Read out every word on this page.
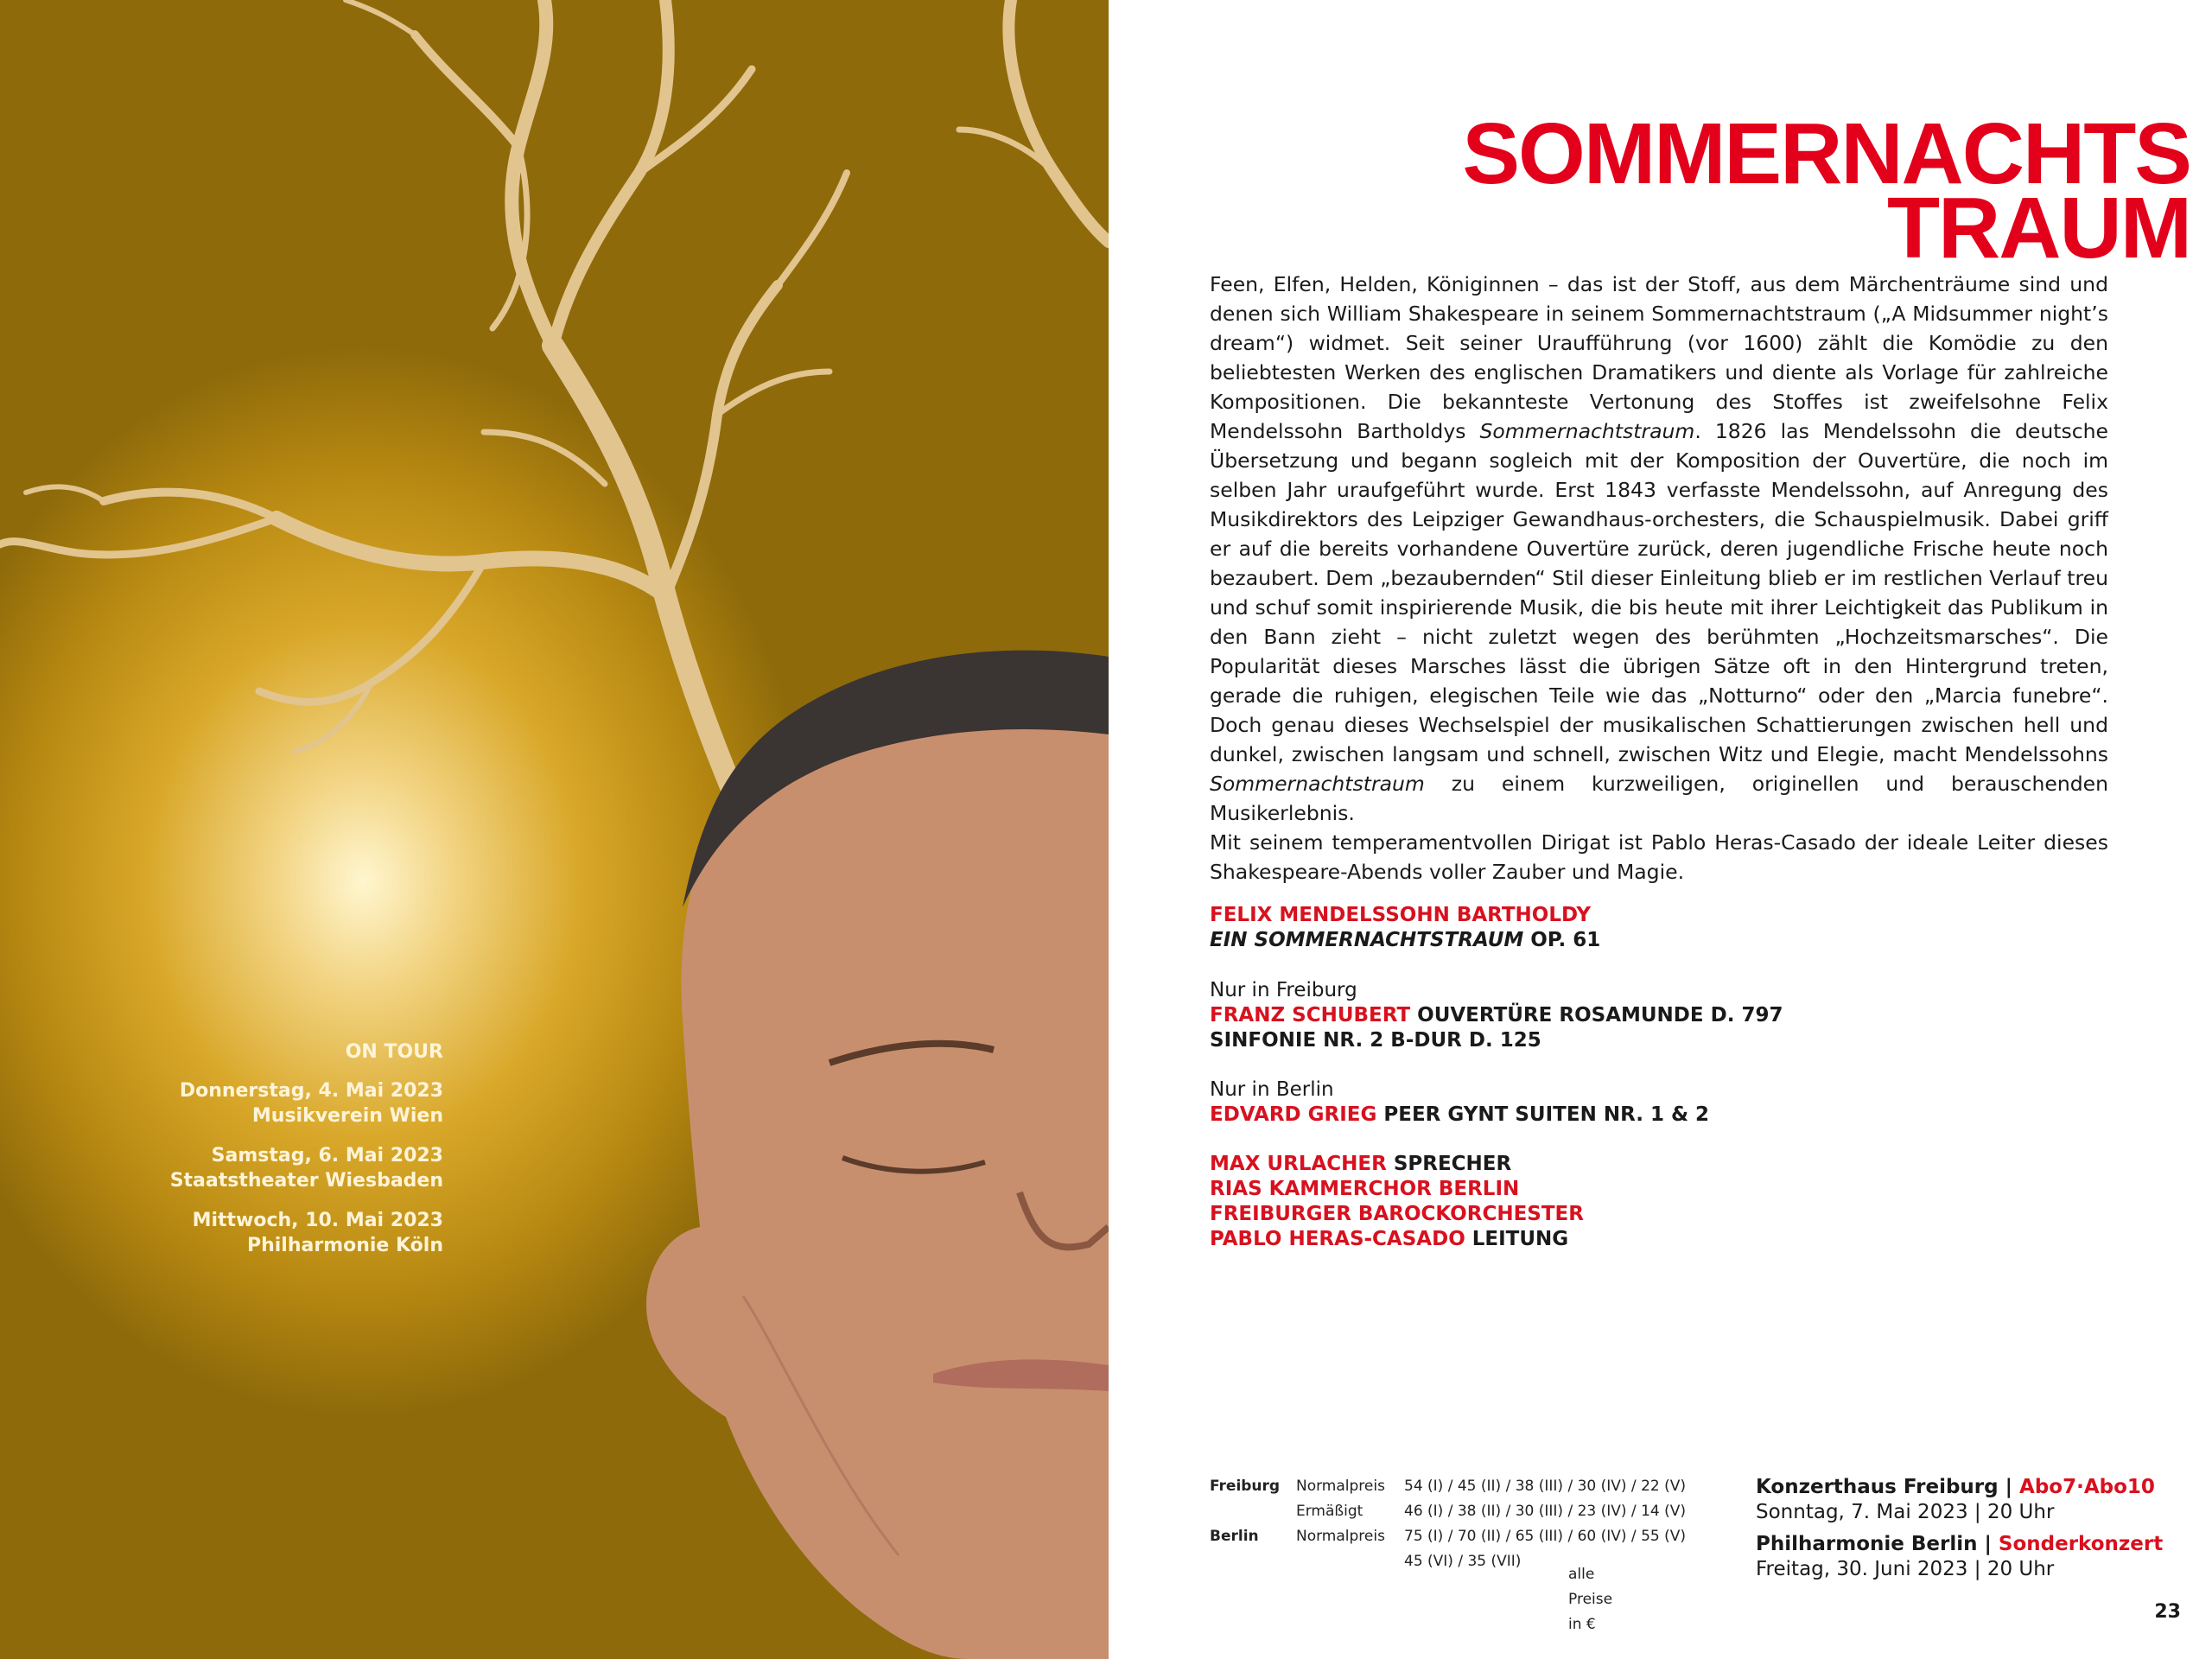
ON TOUR

Donnerstag, 4. Mai 2023

Musikverein Wien

Samstag, 6. Mai 2023

Staatstheater Wiesbaden

Mittwoch, 10. Mai 2023

Philharmonie Köln

SOMMERNACHTS
TRAUM

Feen, Elfen, Helden, Königinnen – das ist der Stoff, aus dem Märchenträume sind und denen sich William Shakespeare in seinem Sommernachtstraum („A Midsummer night’s dream“) widmet. Seit seiner Uraufführung (vor 1600) zählt die Komödie zu den beliebtesten Werken des englischen Dramatikers und diente als Vorlage für zahlreiche Kompositionen. Die bekannteste Vertonung des Stoffes ist zweifelsohne Felix Mendelssohn Bartholdys Sommernachtstraum. 1826 las Mendelssohn die deutsche Übersetzung und begann sogleich mit der Komposition der Ouvertüre, die noch im selben Jahr uraufgeführt wurde. Erst 1843 verfasste Mendelssohn, auf Anregung des Musikdirektors des Leipziger Gewandhaus-orchesters, die Schauspielmusik. Dabei griff er auf die bereits vorhandene Ouvertüre zurück, deren jugendliche Frische heute noch bezaubert. Dem „bezaubernden“ Stil dieser Einleitung blieb er im restlichen Verlauf treu und schuf somit inspirierende Musik, die bis heute mit ihrer Leichtigkeit das Publikum in den Bann zieht – nicht zuletzt wegen des berühmten „Hochzeitsmarsches“. Die Popularität dieses Marsches lässt die übrigen Sätze oft in den Hintergrund treten, gerade die ruhigen, elegischen Teile wie das „Notturno“ oder den „Marcia funebre“. Doch genau dieses Wechselspiel der musikalischen Schattierungen zwischen hell und dunkel, zwischen langsam und schnell, zwischen Witz und Elegie, macht Mendelssohns Sommernachtstraum zu einem kurzweiligen, originellen und berauschenden Musikerlebnis.

Mit seinem temperamentvollen Dirigat ist Pablo Heras-Casado der ideale Leiter dieses Shakespeare-Abends voller Zauber und Magie.

FELIX MENDELSSOHN BARTHOLDY

EIN SOMMERNACHTSTRAUM OP. 61

Nur in Freiburg

FRANZ SCHUBERT OUVERTÜRE ROSAMUNDE D. 797

SINFONIE NR. 2 B-DUR D. 125

Nur in Berlin

EDVARD GRIEG PEER GYNT SUITEN NR. 1 & 2

MAX URLACHER SPRECHER

RIAS KAMMERCHOR BERLIN

FREIBURGER BAROCKORCHESTER

PABLO HERAS-CASADO LEITUNG

Freiburg Normalpreis 54 (I) / 45 (II) / 38 (III) / 30 (IV) / 22 (V)
Ermäßigt	46 (I) / 38 (II) / 30 (III) / 23 (IV) / 14 (V)
Berlin	Normalpreis 75 (I) / 70 (II) / 65 (III) / 60 (IV) / 55 (V)
45 (VI) / 35 (VII)
alle Preise in €

Konzerthaus Freiburg | Abo7·Abo10

Sonntag, 7. Mai 2023 | 20 Uhr

Philharmonie Berlin | Sonderkonzert

Freitag, 30. Juni 2023 | 20 Uhr

23
